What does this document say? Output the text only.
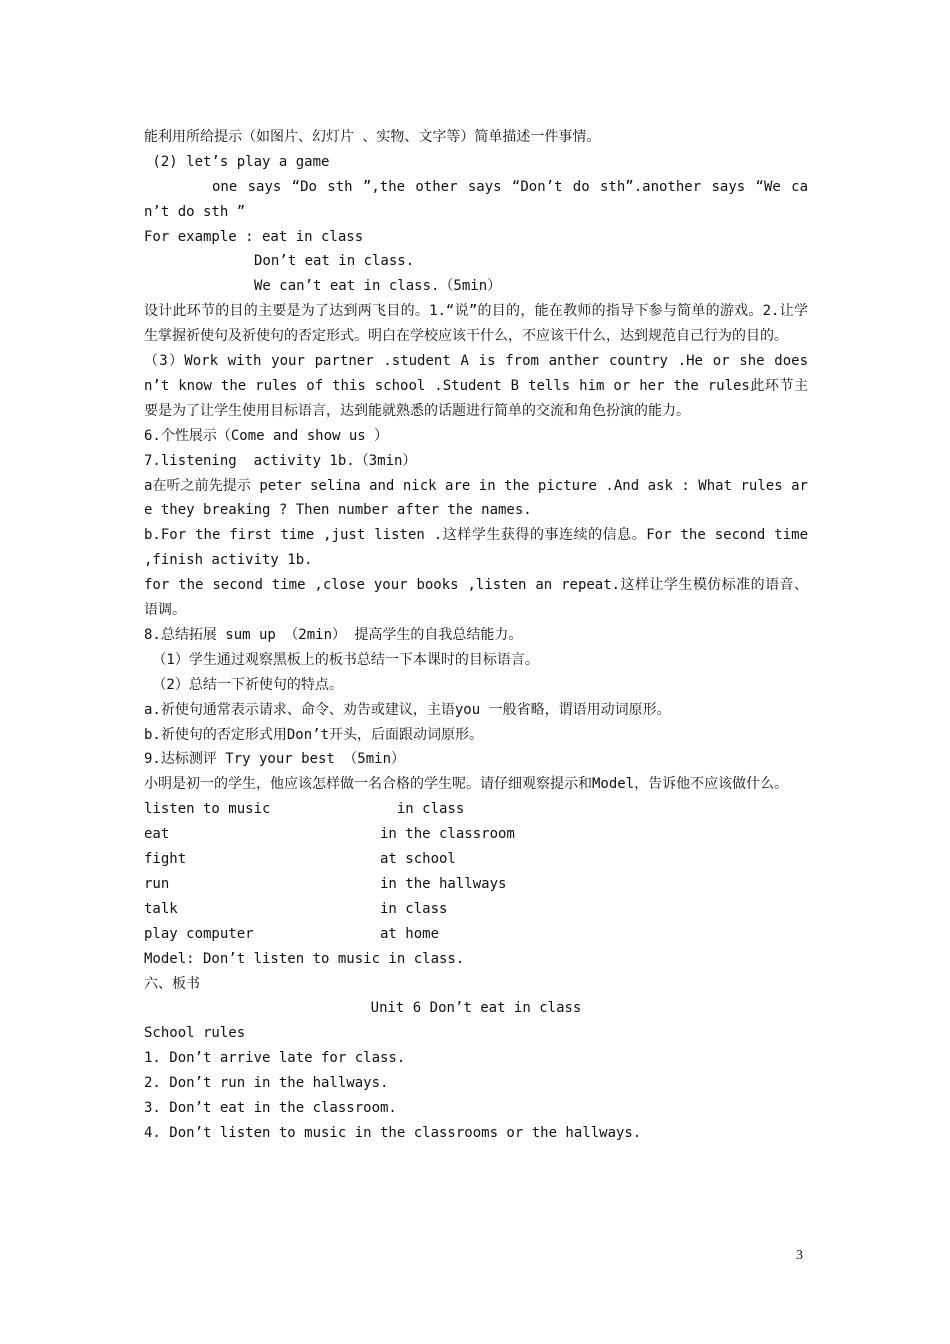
能利用所给提示（如图片、幻灯片 、实物、文字等）简单描述一件事情。
(2) let’s play a game
one says “Do sth ”,the other says “Don’t do sth”.another says “We can’t do sth ”
For example : eat in class
Don’t eat in class.
We can’t eat in class.（5min）
设计此环节的目的主要是为了达到两飞目的。1.“说”的目的，能在教师的指导下参与简单的游戏。2.让学生掌握祈使句及祈使句的否定形式。明白在学校应该干什么，不应该干什么，达到规范自己行为的目的。
（3）Work with your partner .student A is from anther country .He or she doesn’t know the rules of this school .Student B tells him or her the rules此环节主要是为了让学生使用目标语言，达到能就熟悉的话题进行简单的交流和角色扮演的能力。
6.个性展示（Come and show us ）
7.listening  activity 1b.（3min）
a在听之前先提示 peter selina and nick are in the picture .And ask : What rules are they breaking ? Then number after the names.
b.For the first time ,just listen .这样学生获得的事连续的信息。For the second time ,finish activity 1b.
for the second time ,close your books ,listen an repeat.这样让学生模仿标准的语音、语调。
8.总结拓展 sum up （2min） 提高学生的自我总结能力。
（1）学生通过观察黑板上的板书总结一下本课时的目标语言。
（2）总结一下祈使句的特点。
a.祈使句通常表示请求、命令、劝告或建议，主语you 一般省略，谓语用动词原形。
b.祈使句的否定形式用Don’t开头，后面跟动词原形。
9.达标测评 Try your best （5min）
小明是初一的学生，他应该怎样做一名合格的学生呢。请仔细观察提示和Model，告诉他不应该做什么。
listen to music	in class
eat	in the classroom
fight	at school
run	in the hallways
talk	in class
play computer	at home
Model: Don’t listen to music in class.
六、板书
Unit 6 Don’t eat in class
School rules
1. Don’t arrive late for class.
2. Don’t run in the hallways.
3. Don’t eat in the classroom.
4. Don’t listen to music in the classrooms or the hallways.
3
